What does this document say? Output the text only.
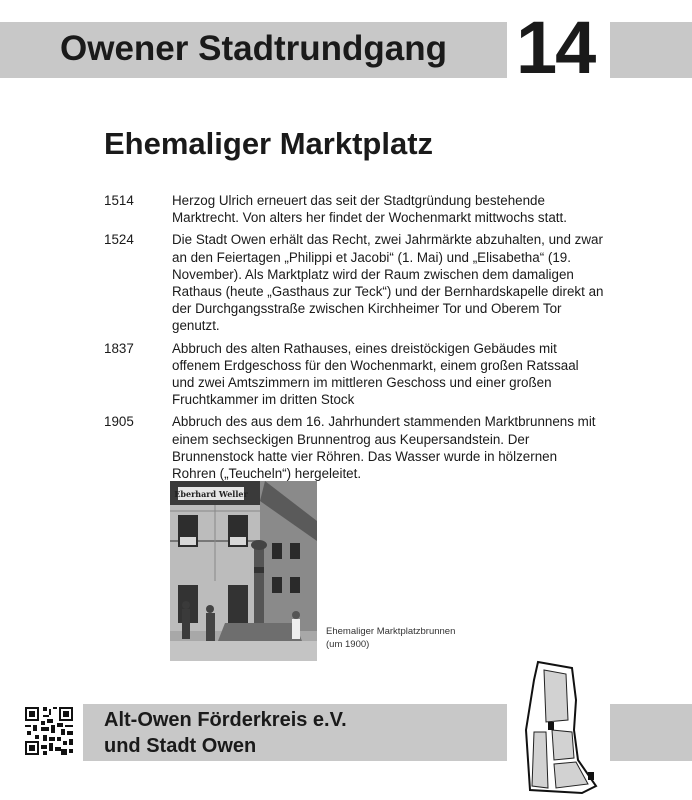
Owener Stadtrundgang 14
Ehemaliger Marktplatz
1514	Herzog Ulrich erneuert das seit der Stadtgründung bestehende Marktrecht. Von alters her findet der Wochenmarkt mittwochs statt.
1524	Die Stadt Owen erhält das Recht, zwei Jahrmärkte abzuhalten, und zwar an den Feiertagen „Philippi et Jacobi“ (1. Mai) und „Elisabetha“ (19. November). Als Marktplatz wird der Raum zwischen dem damaligen Rathaus (heute „Gasthaus zur Teck“) und der Bernhardskapelle direkt an der Durchgangsstraße zwischen Kirchheimer Tor und Oberem Tor genutzt.
1837	Abbruch des alten Rathauses, eines dreistöckigen Gebäudes mit offenem Erdgeschoss für den Wochenmarkt, einem großen Ratssaal und zwei Amtszimmern im mittleren Geschoss und einer großen Fruchtkammer im dritten Stock
1905	Abbruch des aus dem 16. Jahrhundert stammenden Marktbrunnens mit einem sechseckigen Brunnentrog aus Keupersandstein. Der Brunnenstock hatte vier Röhren. Das Wasser wurde in hölzernen Rohren („Teucheln“) hergeleitet.
Eberhard Weller
Ehemaliger Marktplatzbrunnen
(um 1900)
Alt-Owen Förderkreis e.V.
und Stadt Owen
